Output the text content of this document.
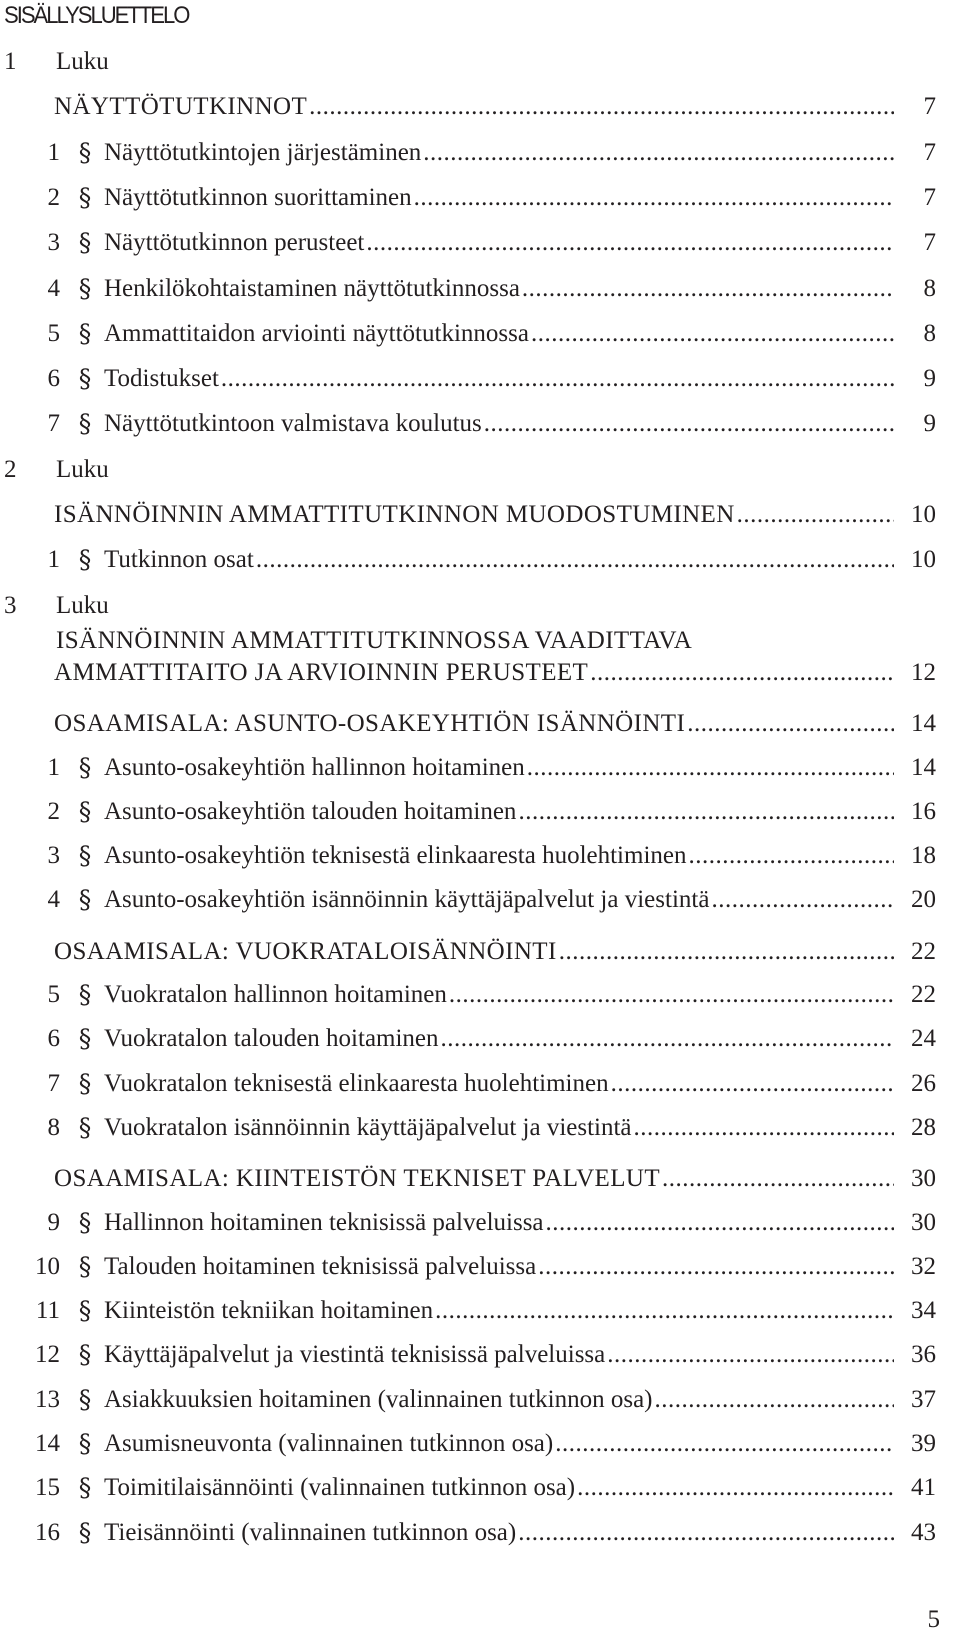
SISÄLLYSLUETTELO
1 Luku
NÄYTTÖTUTKINNOT .....	7
1 § Näyttötutkintojen järjestäminen .....	7
2 § Näyttötutkinnon suorittaminen .....	7
3 § Näyttötutkinnon perusteet .....	7
4 § Henkilökohtaistaminen näyttötutkinnossa .....	8
5 § Ammattitaidon arviointi näyttötutkinnossa .....	8
6 § Todistukset .....	9
7 § Näyttötutkintoon valmistava koulutus .....	9
2 Luku
ISÄNNÖINNIN AMMATTITUTKINNON MUODOSTUMINEN .....	10
1 § Tutkinnon osat .....	10
3 Luku
ISÄNNÖINNIN AMMATTITUTKINNOSSA VAADITTAVA
AMMATTITAITO JA ARVIOINNIN PERUSTEET .....	12
OSAAMISALA: ASUNTO-OSAKEYHTIÖN ISÄNNÖINTI .....	14
1 § Asunto-osakeyhtiön hallinnon hoitaminen .....	14
2 § Asunto-osakeyhtiön talouden hoitaminen .....	16
3 § Asunto-osakeyhtiön teknisestä elinkaaresta huolehtiminen .....	18
4 § Asunto-osakeyhtiön isännöinnin käyttäjäpalvelut ja viestintä .....	20
OSAAMISALA: VUOKRATALOISÄNNÖINTI .....	22
5 § Vuokratalon hallinnon hoitaminen .....	22
6 § Vuokratalon talouden hoitaminen .....	24
7 § Vuokratalon teknisestä elinkaaresta huolehtiminen .....	26
8 § Vuokratalon isännöinnin käyttäjäpalvelut ja viestintä .....	28
OSAAMISALA: KIINTEISTÖN TEKNISET PALVELUT .....	30
9 § Hallinnon hoitaminen teknisissä palveluissa .....	30
10 § Talouden hoitaminen teknisissä palveluissa .....	32
11 § Kiinteistön tekniikan hoitaminen .....	34
12 § Käyttäjäpalvelut ja viestintä teknisissä palveluissa .....	36
13 § Asiakkuuksien hoitaminen (valinnainen tutkinnon osa) .....	37
14 § Asumisneuvonta (valinnainen tutkinnon osa) .....	39
15 § Toimitilaisännöinti (valinnainen tutkinnon osa) .....	41
16 § Tieisännöinti (valinnainen tutkinnon osa) .....	43
5
